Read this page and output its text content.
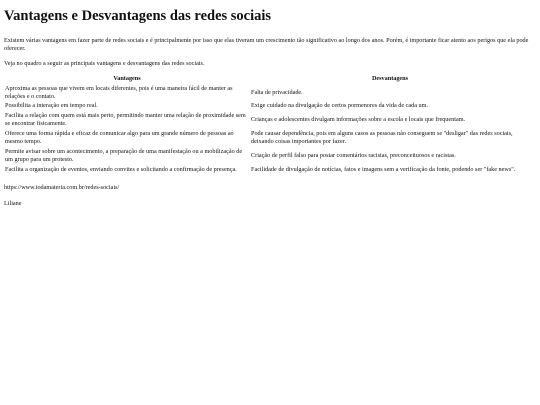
Vantagens e Desvantagens das redes sociais

Existem várias vantagens em fazer parte de redes sociais e é principalmente por isso que elas tiveram um crescimento tão significativo ao longo dos anos. Porém, é importante ficar atento aos perigos que ela pode oferecer.

Veja no quadro a seguir as principais vantagens e desvantagens das redes sociais.

Vantagens	Desvantagens
Aproxima as pessoas que vivem em locais diferentes, pois é uma maneira fácil de manter as relações e o contato.	Falta de privacidade.
Possibilita a interação em tempo real.	Exige cuidado na divulgação de certos pormenores da vida de cada um.
Facilita a relação com quem está mais perto, permitindo manter uma relação de proximidade sem se encontrar fisicamente.	Crianças e adolescentes divulgam informações sobre a escola e locais que frequentam.
Oferece uma forma rápida e eficaz de comunicar algo para um grande número de pessoas ao mesmo tempo.	Pode causar dependência, pois em alguns casos as pessoas não conseguem se "desligar" das redes sociais, deixando coisas importantes por fazer.
Permite avisar sobre um acontecimento, a preparação de uma manifestação ou a mobilização de um grupo para um protesto.	Criação de perfil falso para postar comentários racistas, preconceituosos e racistas.
Facilita a organização de eventos, enviando convites e solicitando a confirmação de presença.	Facilidade de divulgação de notícias, fatos e imagens sem a verificação da fonte, podendo ser "fake news".

https://www.todamateria.com.br/redes-sociais/

Liliane
